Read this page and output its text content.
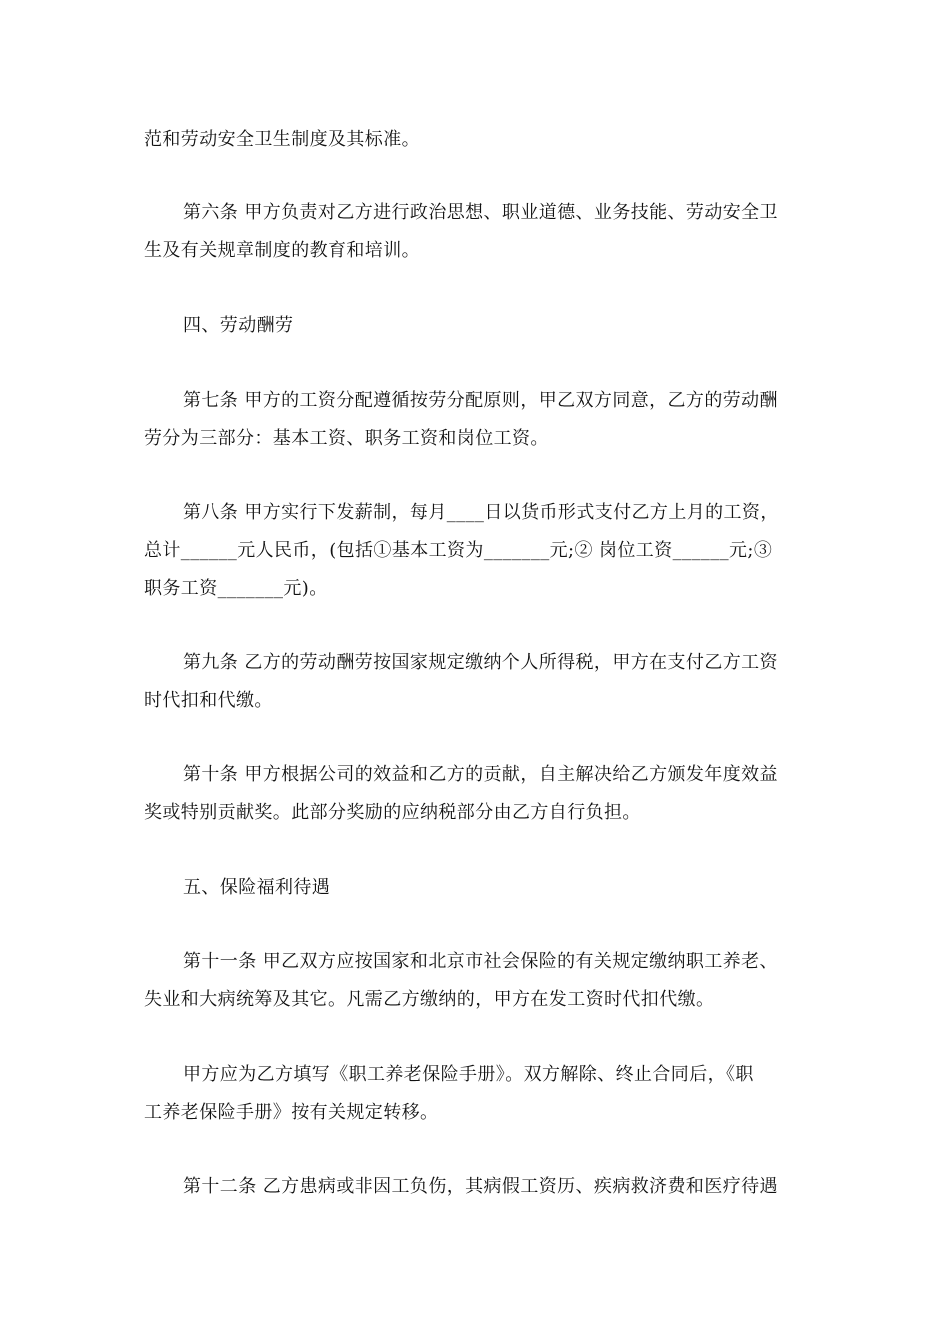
范和劳动安全卫生制度及其标准。
第六条 甲方负责对乙方进行政治思想、职业道德、业务技能、劳动安全卫
生及有关规章制度的教育和培训。
四、劳动酬劳
第七条 甲方的工资分配遵循按劳分配原则，甲乙双方同意，乙方的劳动酬
劳分为三部分：基本工资、职务工资和岗位工资。
第八条 甲方实行下发薪制，每月____日以货币形式支付乙方上月的工资，
总计______元人民币，(包括①基本工资为_______元;② 岗位工资______元;③
职务工资_______元)。
第九条 乙方的劳动酬劳按国家规定缴纳个人所得税，甲方在支付乙方工资
时代扣和代缴。
第十条 甲方根据公司的效益和乙方的贡献，自主解决给乙方颁发年度效益
奖或特别贡献奖。此部分奖励的应纳税部分由乙方自行负担。
五、保险福利待遇
第十一条 甲乙双方应按国家和北京市社会保险的有关规定缴纳职工养老、
失业和大病统筹及其它。凡需乙方缴纳的，甲方在发工资时代扣代缴。
甲方应为乙方填写《职工养老保险手册》。双方解除、终止合同后，《职
工养老保险手册》按有关规定转移。
第十二条 乙方患病或非因工负伤，其病假工资历、疾病救济费和医疗待遇
